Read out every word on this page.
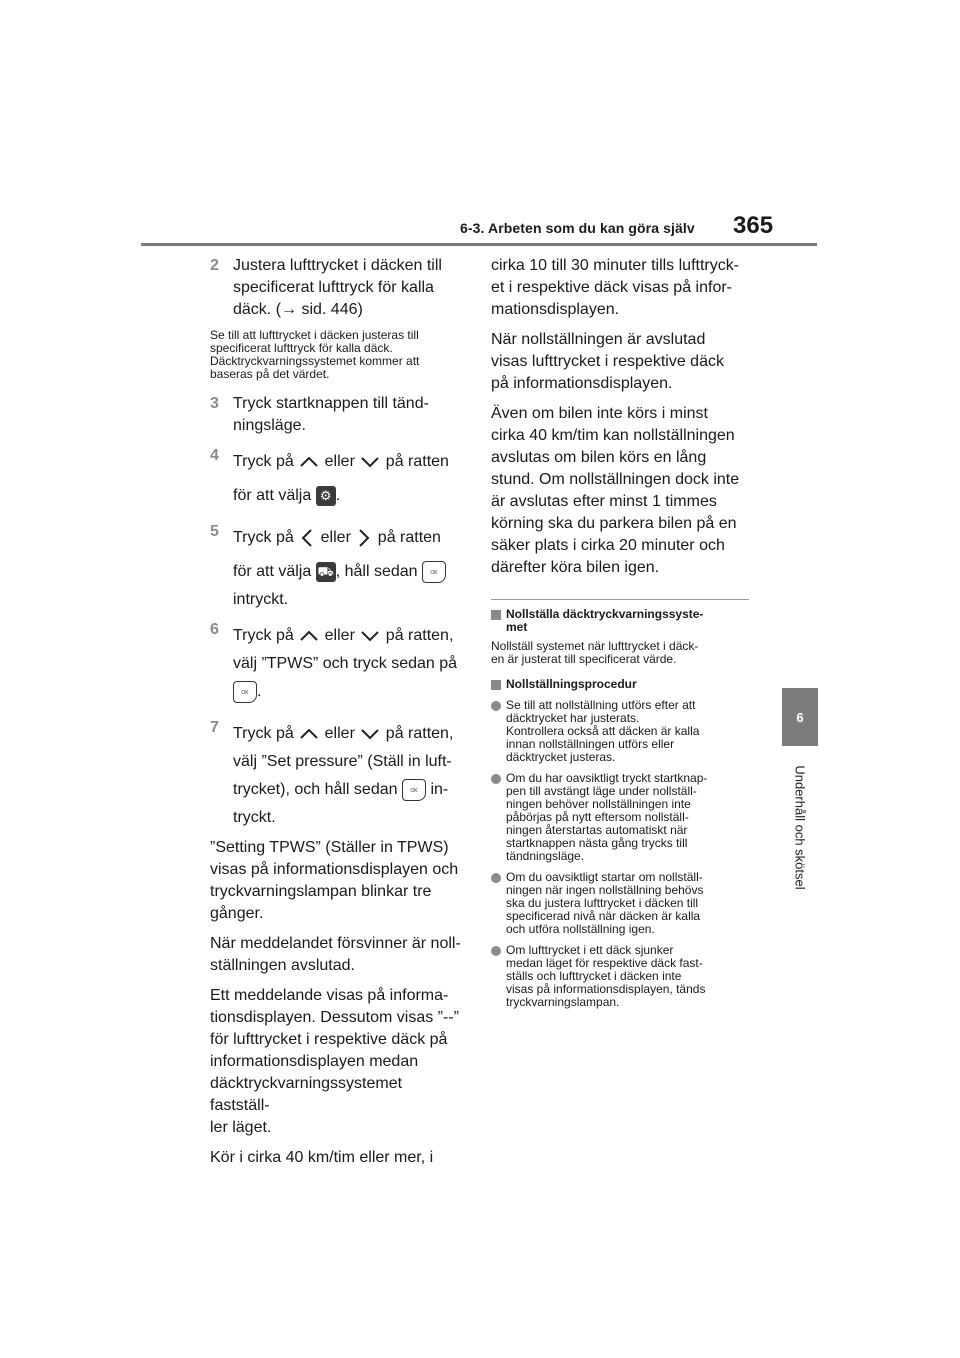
6-3. Arbeten som du kan göra själv 365
6
Underhåll och skötsel
2 Justera lufttrycket i däcken till
specificerat lufttryck för kalla
däck. (→ sid. 446)
Se till att lufttrycket i däcken justeras till specificerat lufttryck för kalla däck. Däcktryckvarningssystemet kommer att baseras på det värdet.
3 Tryck startknappen till tänd-
ningsläge.
4 Tryck på eller på ratten
för att välja ⚙ .
5 Tryck på eller på ratten
för att välja ⛟ , håll sedan	OK
intryckt.
6 Tryck på eller på ratten,
välj ”TPWS” och tryck sedan på
OK .
7 Tryck på eller på ratten,
välj ”Set pressure” (Ställ in luft-
trycket), och håll sedan	OK in-
tryckt.
”Setting TPWS” (Ställer in TPWS)
visas på informationsdisplayen och
tryckvarningslampan blinkar tre
gånger.
När meddelandet försvinner är noll-
ställningen avslutad.
Ett meddelande visas på informa-
tionsdisplayen. Dessutom visas ”--”
för lufttrycket i respektive däck på
informationsdisplayen medan
däcktryckvarningssystemet fastställ-
ler läget.
Kör i cirka 40 km/tim eller mer, i
cirka 10 till 30 minuter tills lufttryck-
et i respektive däck visas på infor-
mationsdisplayen.
När nollställningen är avslutad
visas lufttrycket i respektive däck
på informationsdisplayen.
Även om bilen inte körs i minst
cirka 40 km/tim kan nollställningen
avslutas om bilen körs en lång
stund. Om nollställningen dock inte
är avslutas efter minst 1 timmes
körning ska du parkera bilen på en
säker plats i cirka 20 minuter och
därefter köra bilen igen.
Nollställa däcktryckvarningssyste-
met
Nollställ systemet när lufttrycket i däck-
en är justerat till specificerat värde.
Nollställningsprocedur
Se till att nollställning utförs efter att
däcktrycket har justerats.
Kontrollera också att däcken är kalla
innan nollställningen utförs eller
däcktrycket justeras.
Om du har oavsiktligt tryckt startknap-
pen till avstängt läge under nollställ-
ningen behöver nollställningen inte
påbörjas på nytt eftersom nollställ-
ningen återstartas automatiskt när
startknappen nästa gång trycks till
tändningsläge.
Om du oavsiktligt startar om nollställ-
ningen när ingen nollställning behövs
ska du justera lufttrycket i däcken till
specificerad nivå när däcken är kalla
och utföra nollställning igen.
Om lufttrycket i ett däck sjunker
medan läget för respektive däck fast-
ställs och lufttrycket i däcken inte
visas på informationsdisplayen, tänds
tryckvarningslampan.
